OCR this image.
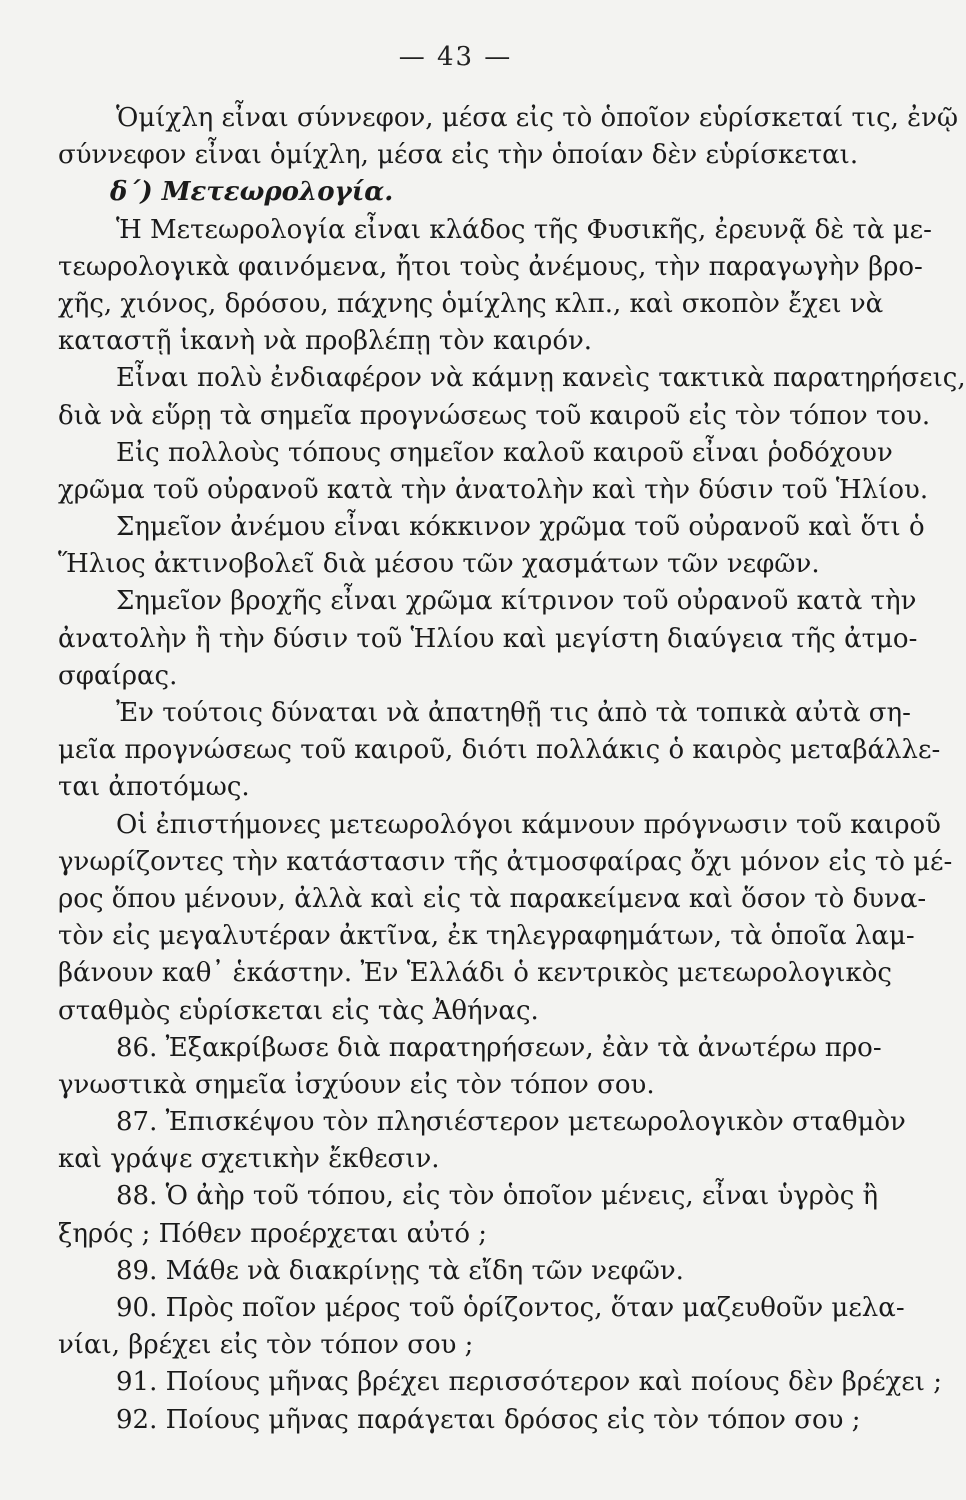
— 43 —
Ὁμίχλη εἶναι σύννεφον, μέσα εἰς τὸ ὁποῖον εὑρίσκεταί τις, ἐνῷ
σύννεφον εἶναι ὁμίχλη, μέσα εἰς τὴν ὁποίαν δὲν εὑρίσκεται.
δ΄) Μετεωρολογία.
Ἡ Μετεωρολογία εἶναι κλάδος τῆς Φυσικῆς, ἐρευνᾷ δὲ τὰ με-
τεωρολογικὰ φαινόμενα, ἤτοι τοὺς ἀνέμους, τὴν παραγωγὴν βρο-
χῆς, χιόνος, δρόσου, πάχνης ὁμίχλης κλπ., καὶ σκοπὸν ἔχει νὰ
καταστῇ ἱκανὴ νὰ προβλέπῃ τὸν καιρόν.
Εἶναι πολὺ ἐνδιαφέρον νὰ κάμνῃ κανεὶς τακτικὰ παρατηρήσεις,
διὰ νὰ εὕρῃ τὰ σημεῖα προγνώσεως τοῦ καιροῦ εἰς τὸν τόπον του.
Εἰς πολλοὺς τόπους σημεῖον καλοῦ καιροῦ εἶναι ῥοδόχουν
χρῶμα τοῦ οὐρανοῦ κατὰ τὴν ἀνατολὴν καὶ τὴν δύσιν τοῦ Ἡλίου.
Σημεῖον ἀνέμου εἶναι κόκκινον χρῶμα τοῦ οὐρανοῦ καὶ ὅτι ὁ
Ἥλιος ἀκτινοβολεῖ διὰ μέσου τῶν χασμάτων τῶν νεφῶν.
Σημεῖον βροχῆς εἶναι χρῶμα κίτρινον τοῦ οὐρανοῦ κατὰ τὴν
ἀνατολὴν ἢ τὴν δύσιν τοῦ Ἡλίου καὶ μεγίστη διαύγεια τῆς ἀτμο-
σφαίρας.
Ἐν τούτοις δύναται νὰ ἀπατηθῇ τις ἀπὸ τὰ τοπικὰ αὐτὰ ση-
μεῖα προγνώσεως τοῦ καιροῦ, διότι πολλάκις ὁ καιρὸς μεταβάλλε-
ται ἀποτόμως.
Οἱ ἐπιστήμονες μετεωρολόγοι κάμνουν πρόγνωσιν τοῦ καιροῦ
γνωρίζοντες τὴν κατάστασιν τῆς ἀτμοσφαίρας ὄχι μόνον εἰς τὸ μέ-
ρος ὅπου μένουν, ἀλλὰ καὶ εἰς τὰ παρακείμενα καὶ ὅσον τὸ δυνα-
τὸν εἰς μεγαλυτέραν ἀκτῖνα, ἐκ τηλεγραφημάτων, τὰ ὁποῖα λαμ-
βάνουν καθ᾽ ἑκάστην. Ἐν Ἑλλάδι ὁ κεντρικὸς μετεωρολογικὸς
σταθμὸς εὑρίσκεται εἰς τὰς Ἀθήνας.
86. Ἐξακρίβωσε διὰ παρατηρήσεων, ἐὰν τὰ ἀνωτέρω προ-
γνωστικὰ σημεῖα ἰσχύουν εἰς τὸν τόπον σου.
87. Ἐπισκέψου τὸν πλησιέστερον μετεωρολογικὸν σταθμὸν
καὶ γράψε σχετικὴν ἔκθεσιν.
88. Ὁ ἀὴρ τοῦ τόπου, εἰς τὸν ὁποῖον μένεις, εἶναι ὑγρὸς ἢ
ξηρός ; Πόθεν προέρχεται αὐτό ;
89. Μάθε νὰ διακρίνῃς τὰ εἴδη τῶν νεφῶν.
90. Πρὸς ποῖον μέρος τοῦ ὁρίζοντος, ὅταν μαζευθοῦν μελα-
νίαι, βρέχει εἰς τὸν τόπον σου ;
91. Ποίους μῆνας βρέχει περισσότερον καὶ ποίους δὲν βρέχει ;
92. Ποίους μῆνας παράγεται δρόσος εἰς τὸν τόπον σου ;
